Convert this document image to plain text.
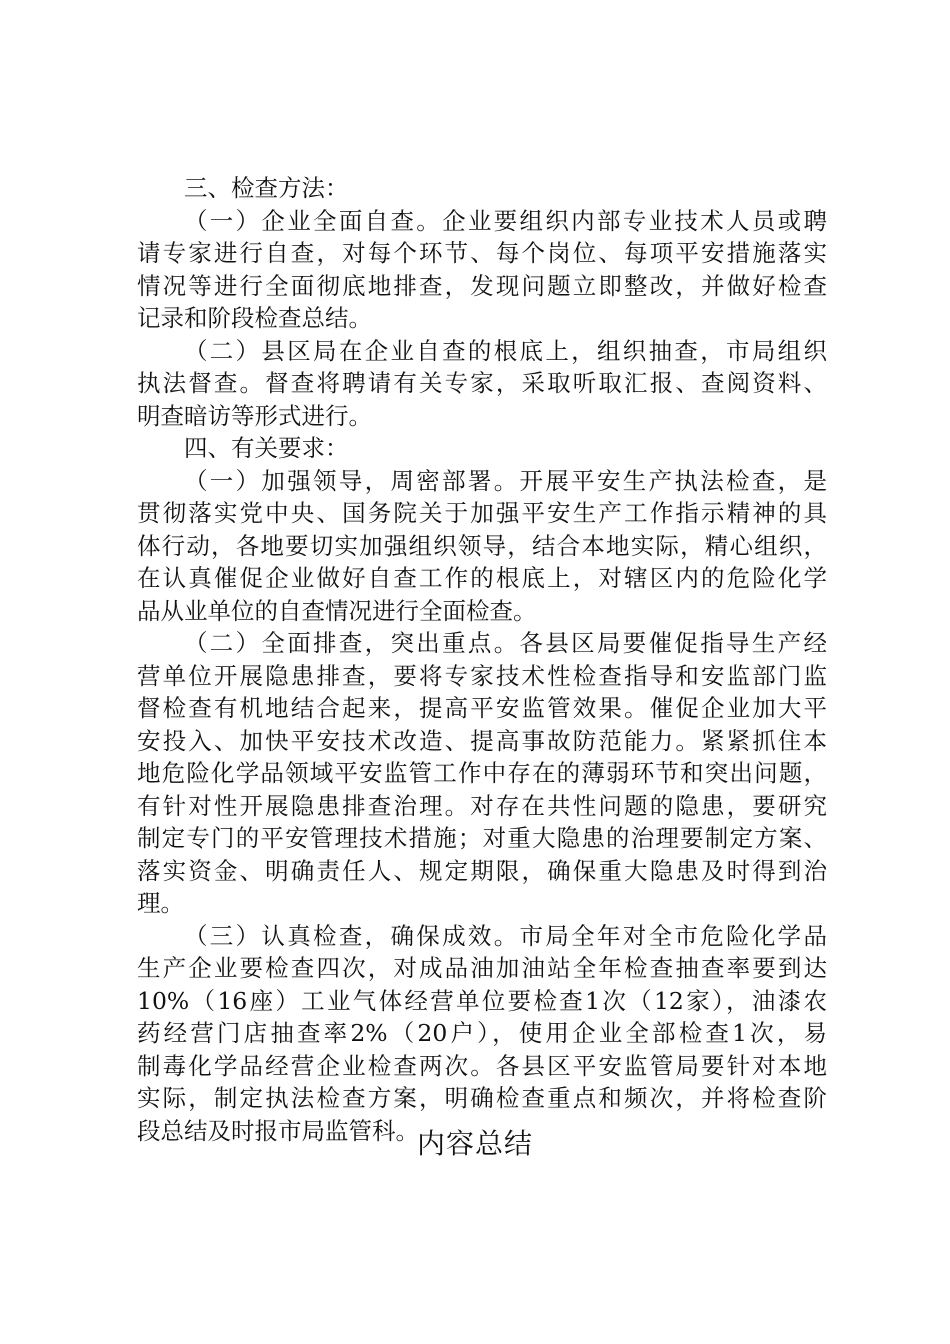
三、检查方法：
（一）企业全面自查。企业要组织内部专业技术人员或聘
请专家进行自查，对每个环节、每个岗位、每项平安措施落实
情况等进行全面彻底地排查，发现问题立即整改，并做好检查
记录和阶段检查总结。
（二）县区局在企业自查的根底上，组织抽查，市局组织
执法督查。督查将聘请有关专家，采取听取汇报、查阅资料、
明查暗访等形式进行。
四、有关要求：
（一）加强领导，周密部署。开展平安生产执法检查，是
贯彻落实党中央、国务院关于加强平安生产工作指示精神的具
体行动，各地要切实加强组织领导，结合本地实际，精心组织，
在认真催促企业做好自查工作的根底上，对辖区内的危险化学
品从业单位的自查情况进行全面检查。
（二）全面排查，突出重点。各县区局要催促指导生产经
营单位开展隐患排查，要将专家技术性检查指导和安监部门监
督检查有机地结合起来，提高平安监管效果。催促企业加大平
安投入、加快平安技术改造、提高事故防范能力。紧紧抓住本
地危险化学品领域平安监管工作中存在的薄弱环节和突出问题，
有针对性开展隐患排查治理。对存在共性问题的隐患，要研究
制定专门的平安管理技术措施；对重大隐患的治理要制定方案、
落实资金、明确责任人、规定期限，确保重大隐患及时得到治
理。
（三）认真检查，确保成效。市局全年对全市危险化学品
生产企业要检查四次，对成品油加油站全年检查抽查率要到达
10%（16座）工业气体经营单位要检查1次（12家），油漆农
药经营门店抽查率2%（20户），使用企业全部检查1次，易
制毒化学品经营企业检查两次。各县区平安监管局要针对本地
实际，制定执法检查方案，明确检查重点和频次，并将检查阶
段总结及时报市局监管科。
内容总结
